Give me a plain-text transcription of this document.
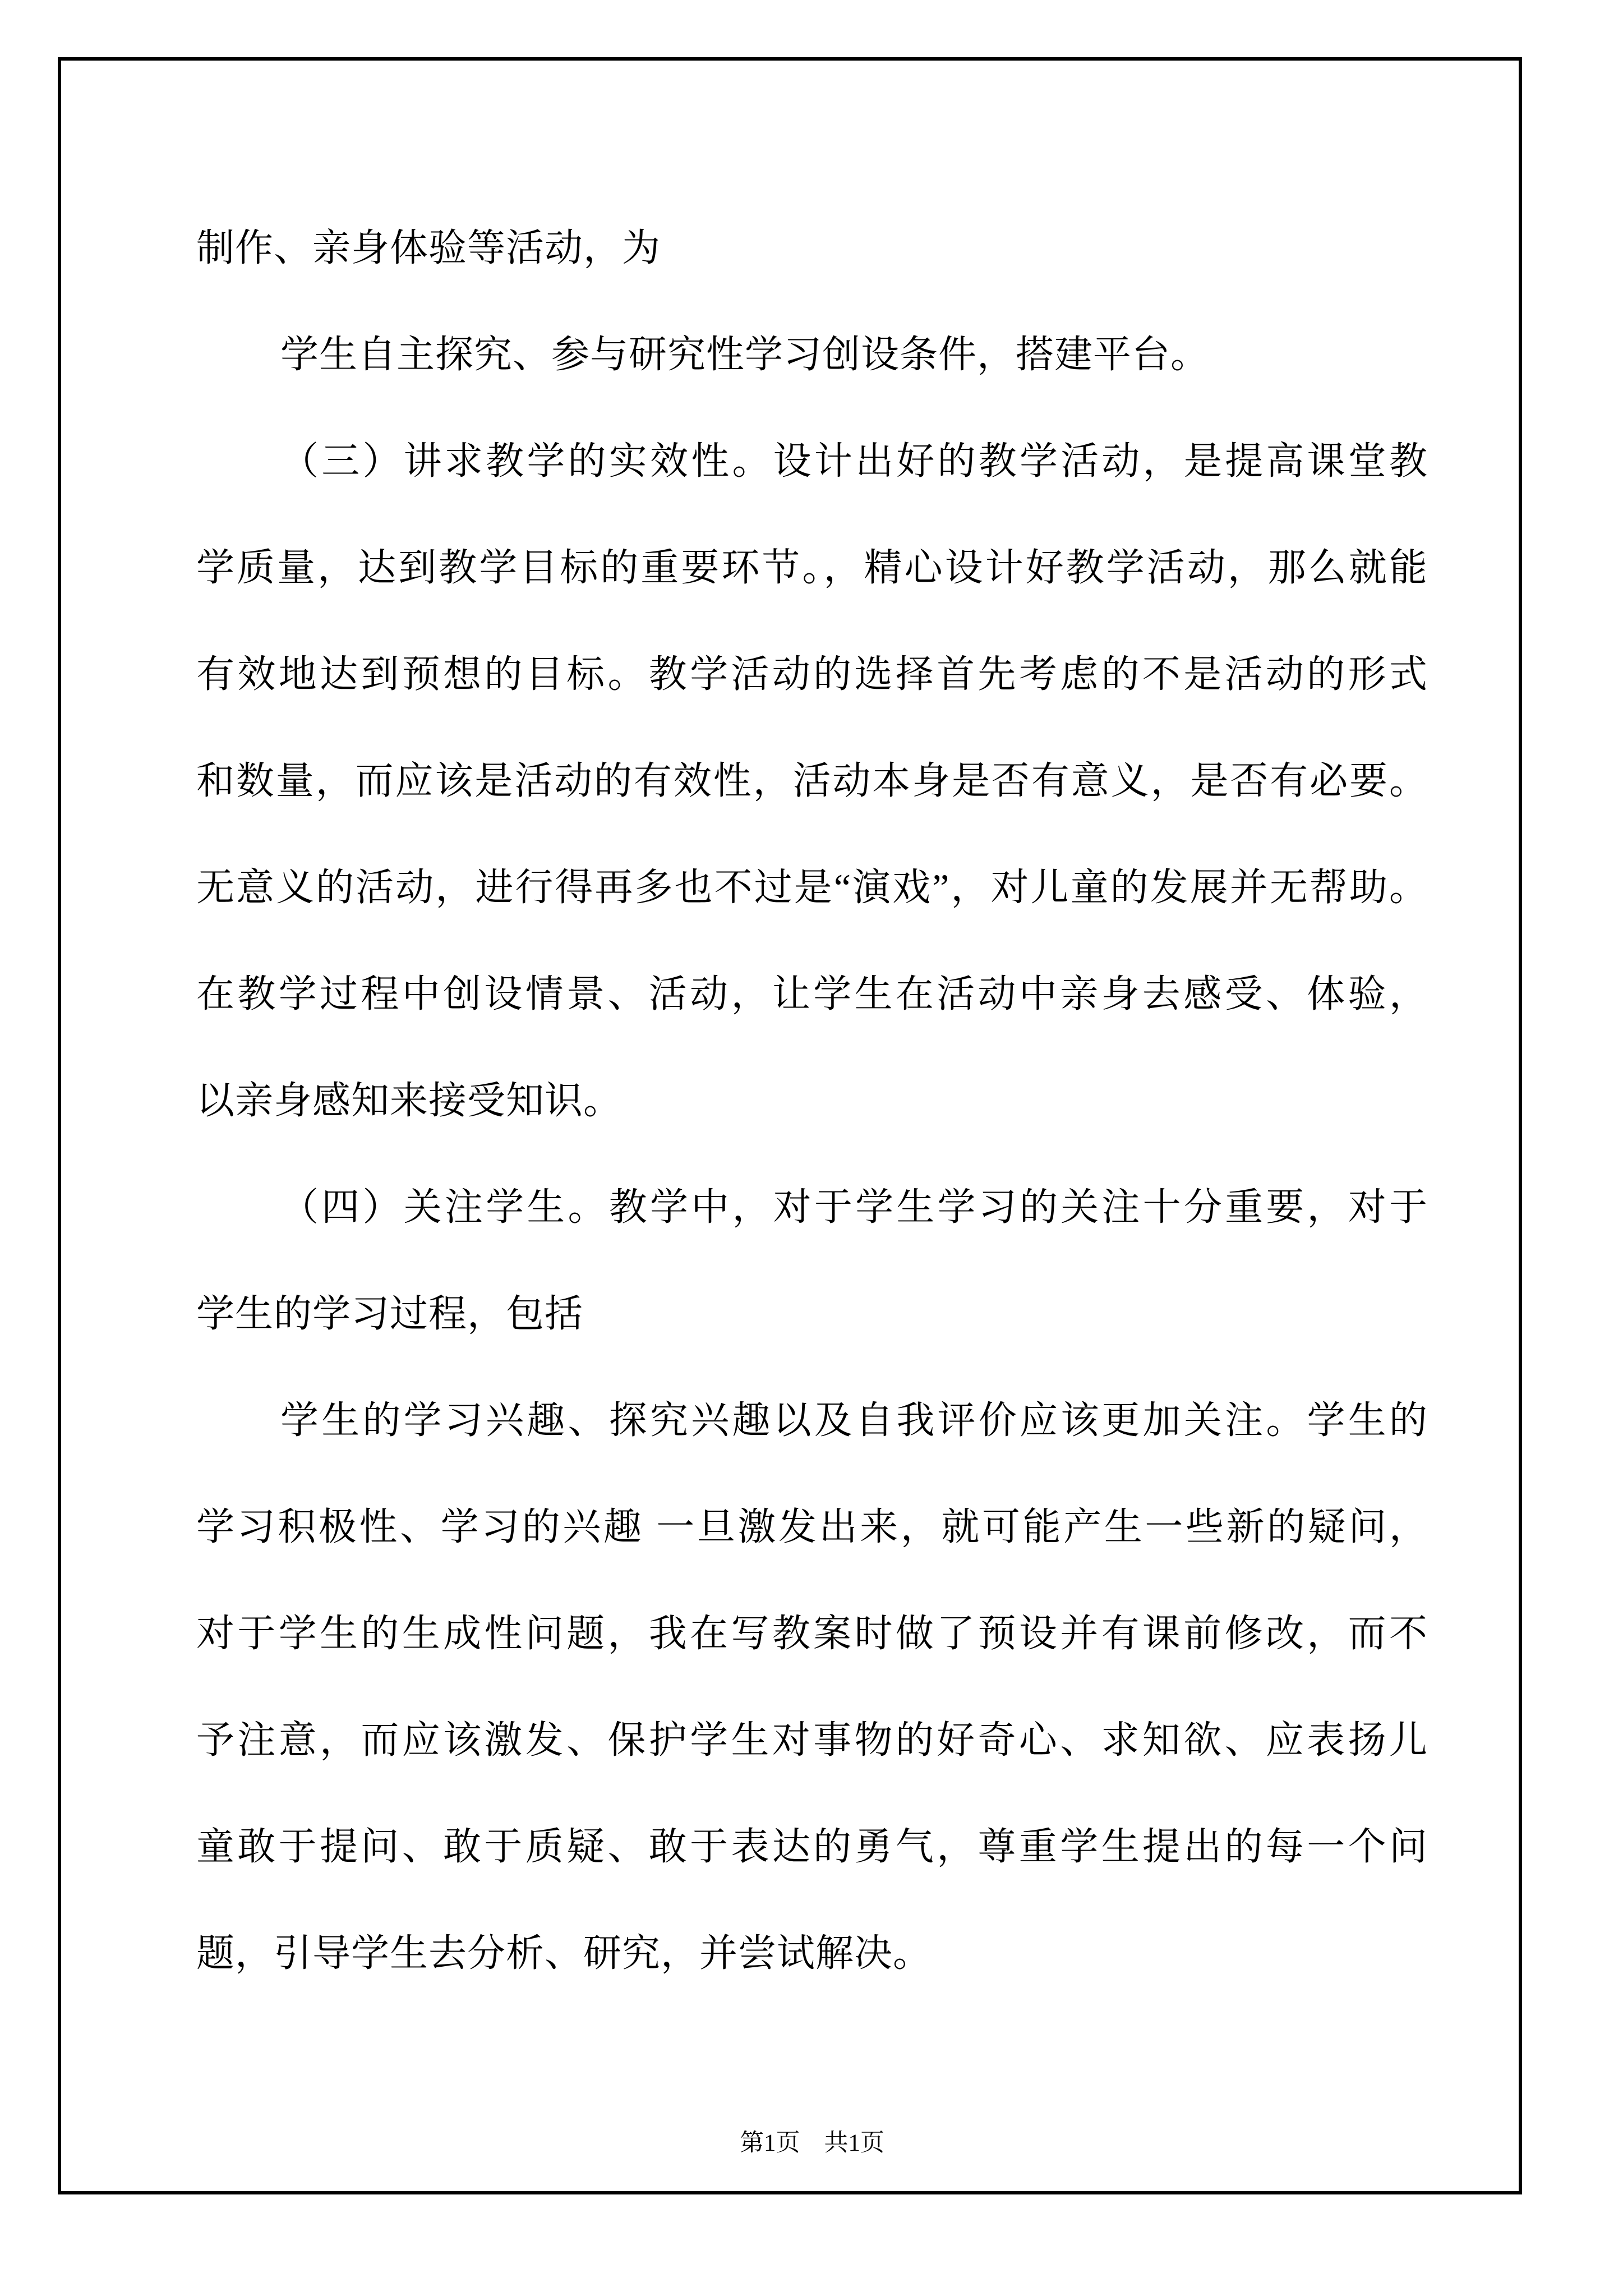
制作、亲身体验等活动，为
学生自主探究、参与研究性学习创设条件，搭建平台。
（三）讲求教学的实效性。设计出好的教学活动，是提高课堂教
学质量，达到教学目标的重要环节。，精心设计好教学活动，那么就能
有效地达到预想的目标。教学活动的选择首先考虑的不是活动的形式
和数量，而应该是活动的有效性，活动本身是否有意义，是否有必要。
无意义的活动，进行得再多也不过是“演戏”，对儿童的发展并无帮助。
在教学过程中创设情景、活动，让学生在活动中亲身去感受、体验，
以亲身感知来接受知识。
（四）关注学生。教学中，对于学生学习的关注十分重要，对于
学生的学习过程，包括
学生的学习兴趣、探究兴趣以及自我评价应该更加关注。学生的
学习积极性、学习的兴趣 一旦激发出来，就可能产生一些新的疑问，
对于学生的生成性问题，我在写教案时做了预设并有课前修改，而不
予注意，而应该激发、保护学生对事物的好奇心、求知欲、应表扬儿
童敢于提问、敢于质疑、敢于表达的勇气，尊重学生提出的每一个问
题，引导学生去分析、研究，并尝试解决。
第1页　共1页
